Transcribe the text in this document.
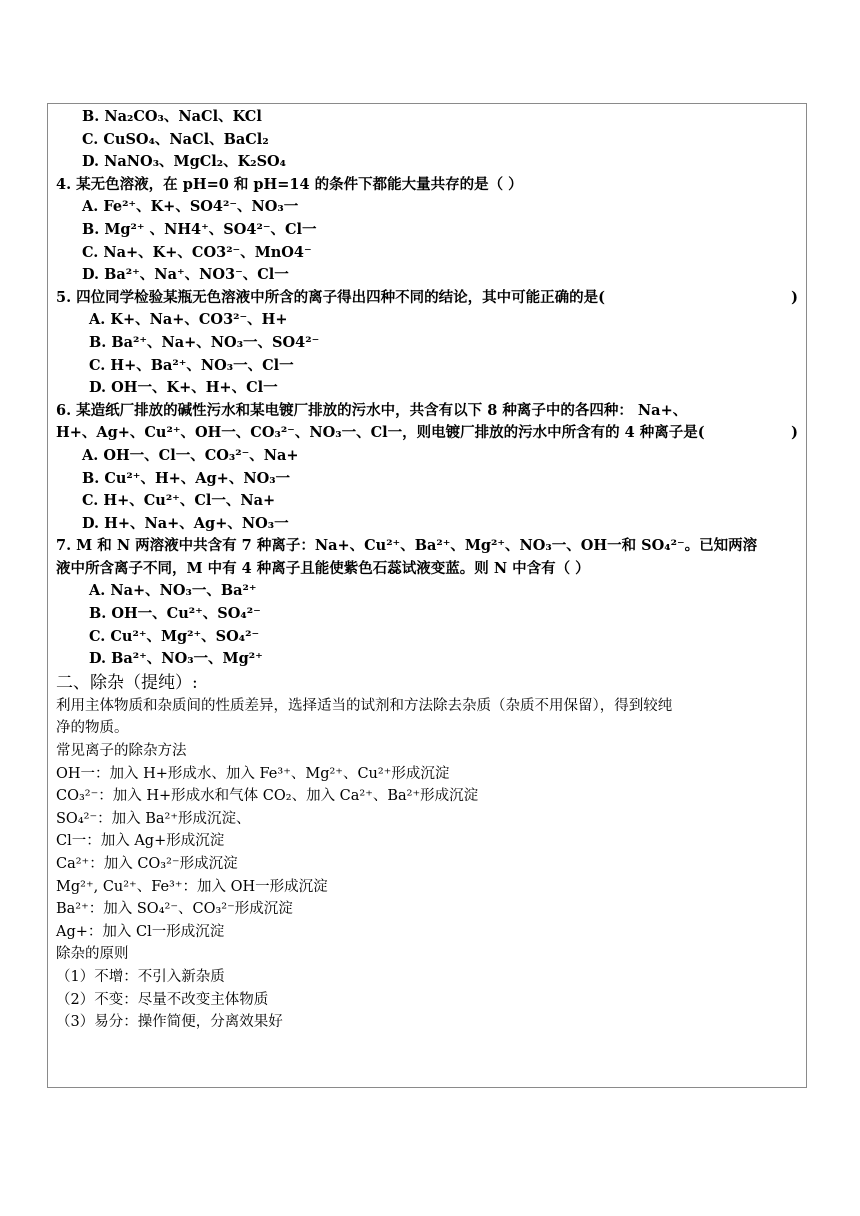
B. Na₂CO₃、NaCl、KCl
C. CuSO₄、NaCl、BaCl₂
D. NaNO₃、MgCl₂、K₂SO₄
4. 某无色溶液，在 pH=0 和 pH=14 的条件下都能大量共存的是（ ）
A. Fe²⁺、K+、SO4²⁻、NO₃一
B. Mg²⁺ 、NH4⁺、SO4²⁻、Cl一
C. Na+、K+、CO3²⁻、MnO4⁻
D. Ba²⁺、Na⁺、NO3⁻、Cl一
5. 四位同学检验某瓶无色溶液中所含的离子得出四种不同的结论，其中可能正确的是(	)
A. K+、Na+、CO3²⁻、H+
B. Ba²⁺、Na+、NO₃一、SO4²⁻
C. H+、Ba²⁺、NO₃一、Cl一
D. OH一、K+、H+、Cl一
6. 某造纸厂排放的碱性污水和某电镀厂排放的污水中，共含有以下 8 种离子中的各四种： Na+、
H+、Ag+、Cu²⁺、OH一、CO₃²⁻、NO₃一、Cl一，则电镀厂排放的污水中所含有的 4 种离子是(	)
A. OH一、Cl一、CO₃²⁻、Na+
B. Cu²⁺、H+、Ag+、NO₃一
C. H+、Cu²⁺、Cl一、Na+
D. H+、Na+、Ag+、NO₃一
7. M 和 N 两溶液中共含有 7 种离子：Na+、Cu²⁺、Ba²⁺、Mg²⁺、NO₃一、OH一和 SO₄²⁻。已知两溶
液中所含离子不同，M 中有 4 种离子且能使紫色石蕊试液变蓝。则 N 中含有（ ）
A. Na+、NO₃一、Ba²⁺
B. OH一、Cu²⁺、SO₄²⁻
C. Cu²⁺、Mg²⁺、SO₄²⁻
D. Ba²⁺、NO₃一、Mg²⁺
二、除杂（提纯）:
利用主体物质和杂质间的性质差异，选择适当的试剂和方法除去杂质（杂质不用保留），得到较纯
净的物质。
常见离子的除杂方法
OH一：加入 H+形成水、加入 Fe³⁺、Mg²⁺、Cu²⁺形成沉淀
CO₃²⁻：加入 H+形成水和气体 CO₂、加入 Ca²⁺、Ba²⁺形成沉淀
SO₄²⁻：加入 Ba²⁺形成沉淀、
Cl一：加入 Ag+形成沉淀
Ca²⁺：加入 CO₃²⁻形成沉淀
Mg²⁺, Cu²⁺、Fe³⁺：加入 OH一形成沉淀
Ba²⁺：加入 SO₄²⁻、CO₃²⁻形成沉淀
Ag+：加入 Cl一形成沉淀
除杂的原则
（1）不增：不引入新杂质
（2）不变：尽量不改变主体物质
（3）易分：操作简便，分离效果好
